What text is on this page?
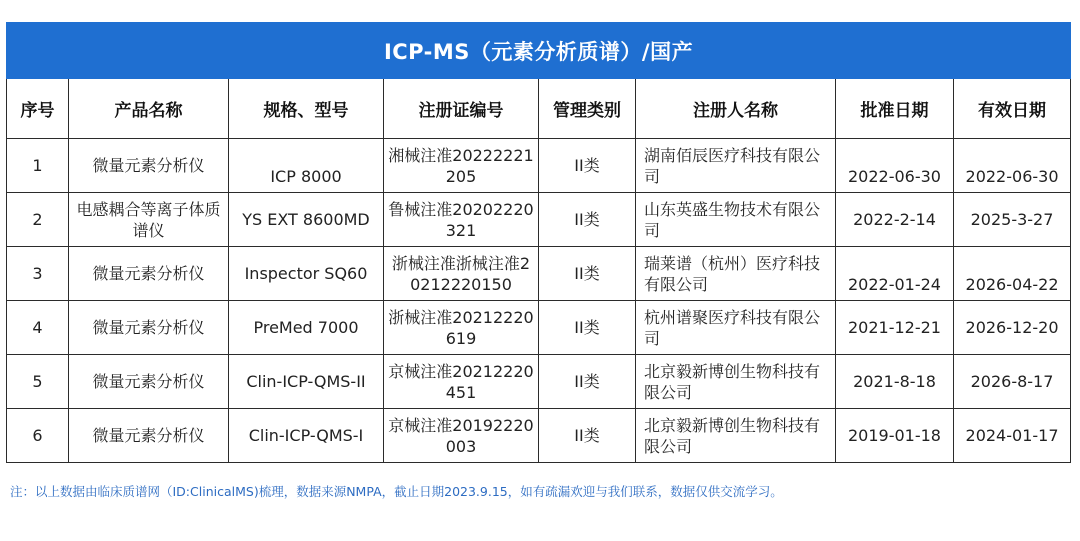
ICP-MS（元素分析质谱）/国产							
序号	产品名称	规格、型号	注册证编号	管理类别	注册人名称	批准日期	有效日期
1	微量元素分析仪	ICP 8000	湘械注准20222221205	II类	湖南佰辰医疗科技有限公司	2022-06-30	2022-06-30
2	电感耦合等离子体质谱仪	YS EXT 8600MD	鲁械注准20202220321	II类	山东英盛生物技术有限公司	2022-2-14	2025-3-27
3	微量元素分析仪	Inspector SQ60	浙械注准浙械注准20212220150	II类	瑞莱谱（杭州）医疗科技有限公司	2022-01-24	2026-04-22
4	微量元素分析仪	PreMed 7000	浙械注准20212220619	II类	杭州谱聚医疗科技有限公司	2021-12-21	2026-12-20
5	微量元素分析仪	Clin-ICP-QMS-II	京械注准20212220451	II类	北京毅新博创生物科技有限公司	2021-8-18	2026-8-17
6	微量元素分析仪	Clin-ICP-QMS-I	京械注准20192220003	II类	北京毅新博创生物科技有限公司	2019-01-18	2024-01-17
注：以上数据由临床质谱网（ID:ClinicalMS)梳理，数据来源NMPA，截止日期2023.9.15，如有疏漏欢迎与我们联系，数据仅供交流学习。
